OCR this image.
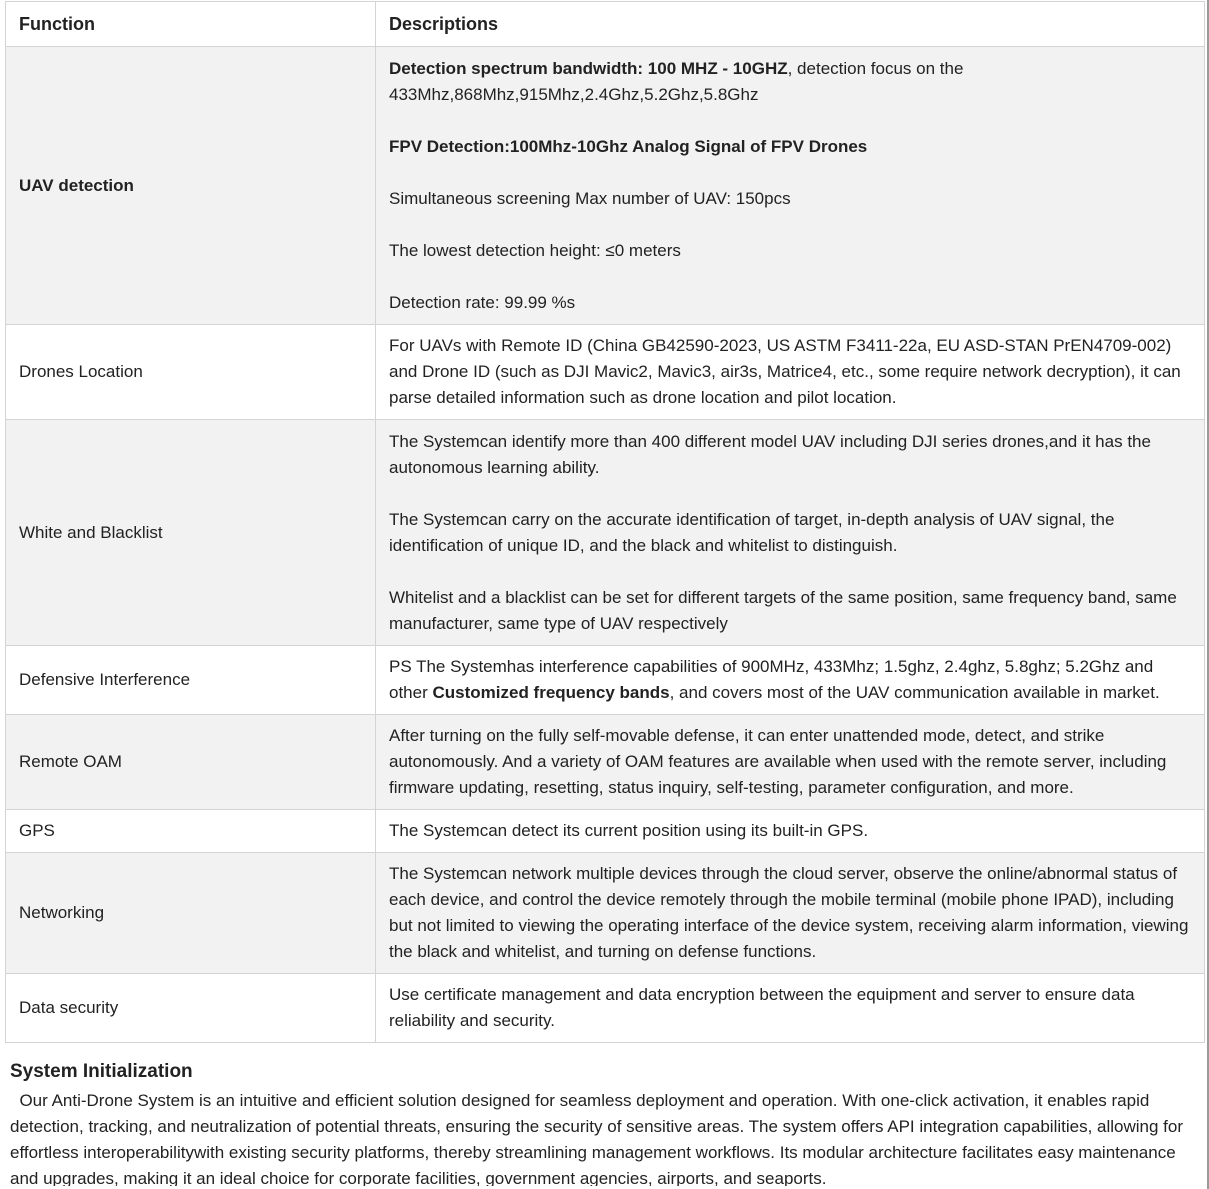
Function	Descriptions
UAV detection	Detection spectrum bandwidth: 100 MHZ - 10GHZ, detection focus on the 433Mhz,868Mhz,915Mhz,2.4Ghz,5.2Ghz,5.8Ghz

FPV Detection:100Mhz-10Ghz Analog Signal of FPV Drones

Simultaneous screening Max number of UAV: 150pcs

The lowest detection height: ≤0 meters

Detection rate: 99.99 %s

Drones Location	For UAVs with Remote ID (China GB42590-2023, US ASTM F3411-22a, EU ASD-STAN PrEN4709-002) and Drone ID (such as DJI Mavic2, Mavic3, air3s, Matrice4, etc., some require network decryption), it can parse detailed information such as drone location and pilot location.
White and Blacklist	The Systemcan identify more than 400 different model UAV including DJI series drones,and it has the autonomous learning ability.

The Systemcan carry on the accurate identification of target, in-depth analysis of UAV signal, the identification of unique ID, and the black and whitelist to distinguish.

Whitelist and a blacklist can be set for different targets of the same position, same frequency band, same manufacturer, same type of UAV respectively

Defensive Interference	PS The Systemhas interference capabilities of 900MHz, 433Mhz; 1.5ghz, 2.4ghz, 5.8ghz; 5.2Ghz and other Customized frequency bands, and covers most of the UAV communication available in market.
Remote OAM	After turning on the fully self-movable defense, it can enter unattended mode, detect, and strike autonomously. And a variety of OAM features are available when used with the remote server, including firmware updating, resetting, status inquiry, self-testing, parameter configuration, and more.
GPS	The Systemcan detect its current position using its built-in GPS.
Networking	The Systemcan network multiple devices through the cloud server, observe the online/abnormal status of each device, and control the device remotely through the mobile terminal (mobile phone IPAD), including but not limited to viewing the operating interface of the device system, receiving alarm information, viewing the black and whitelist, and turning on defense functions.
Data security	Use certificate management and data encryption between the equipment and server to ensure data reliability and security.
System Initialization

Our Anti-Drone System is an intuitive and efficient solution designed for seamless deployment and operation. With one-click activation, it enables rapid detection, tracking, and neutralization of potential threats, ensuring the security of sensitive areas. The system offers API integration capabilities, allowing for effortless interoperabilitywith existing security platforms, thereby streamlining management workflows. Its modular architecture facilitates easy maintenance and upgrades, making it an ideal choice for corporate facilities, government agencies, airports, and seaports.
